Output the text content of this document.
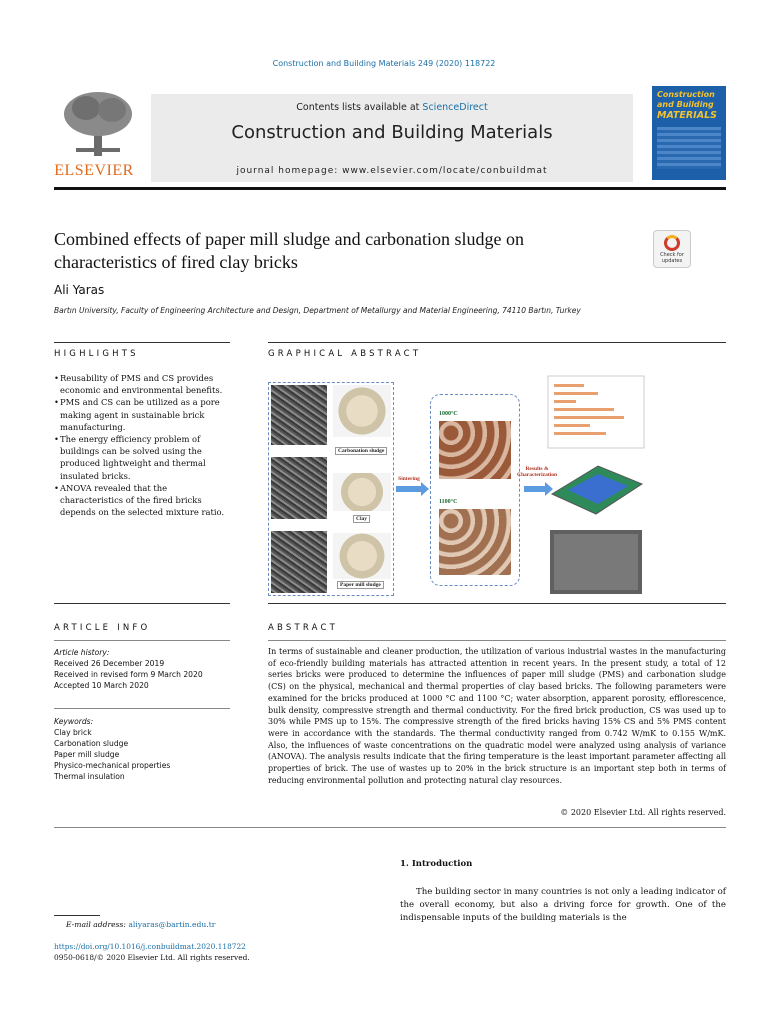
Construction and Building Materials 249 (2020) 118722
ELSEVIER
Contents lists available at ScienceDirect
Construction and Building Materials
journal homepage: www.elsevier.com/locate/conbuildmat
Construction
and Building
MATERIALS
Combined effects of paper mill sludge and carbonation sludge on characteristics of fired clay bricks	Check for updates
Ali Yaras
Bartın University, Faculty of Engineering Architecture and Design, Department of Metallurgy and Material Engineering, 74110 Bartın, Turkey
HIGHLIGHTS	GRAPHICAL ABSTRACT
• Reusability of PMS and CS provides economic and environmental benefits.
• PMS and CS can be utilized as a pore making agent in sustainable brick manufacturing.
• The energy efficiency problem of buildings can be solved using the produced lightweight and thermal insulated bricks.
• ANOVA revealed that the characteristics of the fired bricks depends on the selected mixture ratio.
Carbonation sludge
Clay
Paper mill sludge
Sintering
1000°C
1100°C
Results & Characterization
ARTICLE INFO	ABSTRACT
Article history:
Received 26 December 2019
Received in revised form 9 March 2020
Accepted 10 March 2020
Keywords:
Clay brick
Carbonation sludge
Paper mill sludge
Physico-mechanical properties
Thermal insulation
In terms of sustainable and cleaner production, the utilization of various industrial wastes in the manufacturing of eco-friendly building materials has attracted attention in recent years. In the present study, a total of 12 series bricks were produced to determine the influences of paper mill sludge (PMS) and carbonation sludge (CS) on the physical, mechanical and thermal properties of clay based bricks. The following parameters were examined for the bricks produced at 1000 °C and 1100 °C; water absorption, apparent porosity, efflorescence, bulk density, compressive strength and thermal conductivity. For the fired brick production, CS was used up to 30% while PMS up to 15%. The compressive strength of the fired bricks having 15% CS and 5% PMS content were in accordance with the standards. The thermal conductivity ranged from 0.742 W/mK to 0.155 W/mK. Also, the influences of waste concentrations on the quadratic model were analyzed using analysis of variance (ANOVA). The analysis results indicate that the firing temperature is the least important parameter affecting all properties of brick. The use of wastes up to 20% in the brick structure is an important step both in terms of reducing environmental pollution and protecting natural clay resources.
© 2020 Elsevier Ltd. All rights reserved.
1. Introduction
The building sector in many countries is not only a leading indicator of the overall economy, but also a driving force for growth. One of the indispensable inputs of the building materials is the
E-mail address: aliyaras@bartin.edu.tr
https://doi.org/10.1016/j.conbuildmat.2020.118722
0950-0618/© 2020 Elsevier Ltd. All rights reserved.
